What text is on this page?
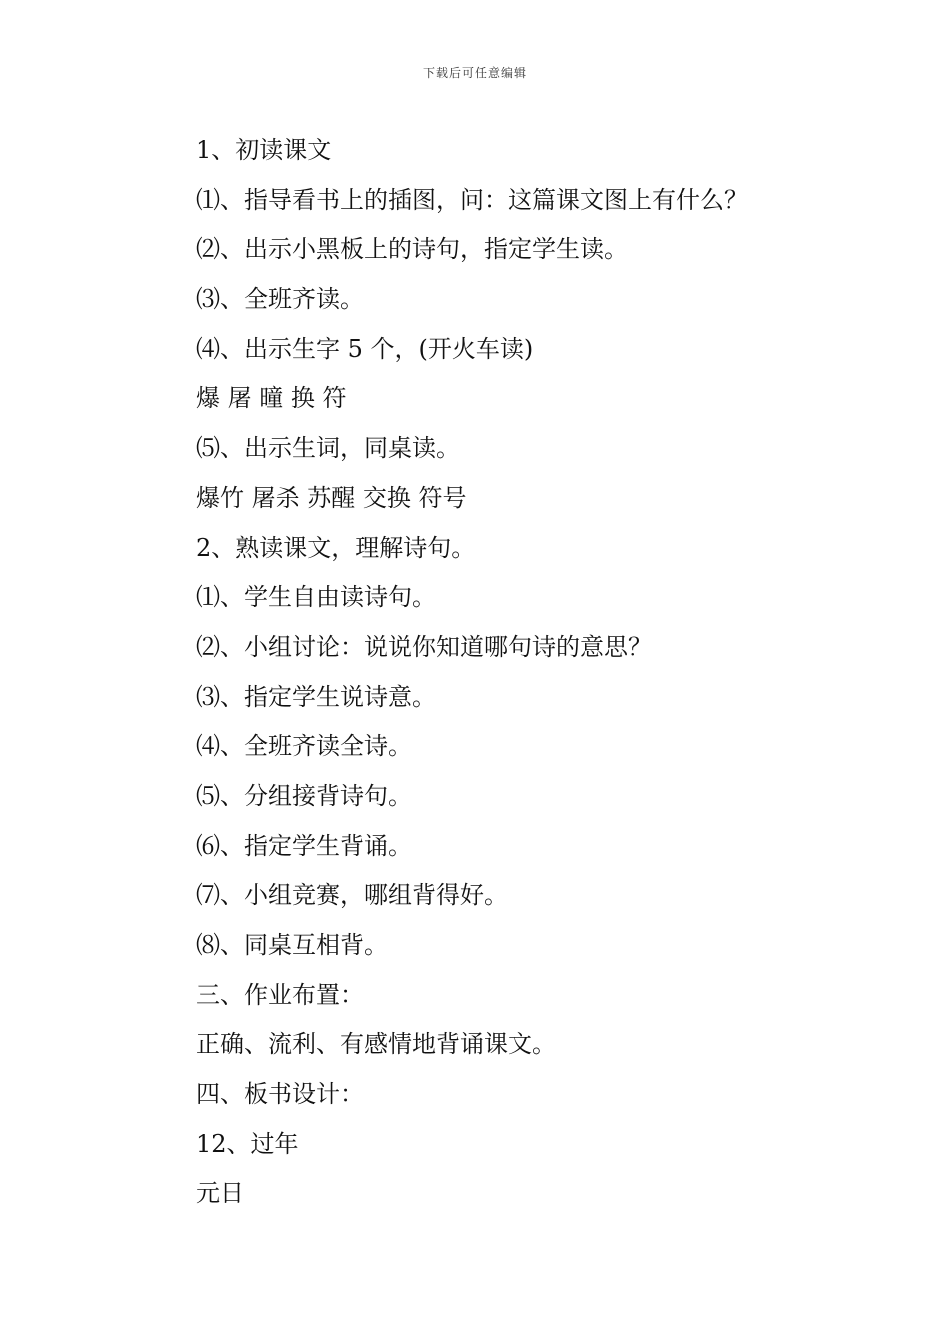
下载后可任意编辑
1、初读课文
⑴、指导看书上的插图，问：这篇课文图上有什么？
⑵、出示小黑板上的诗句，指定学生读。
⑶、全班齐读。
⑷、出示生字 5 个，(开火车读)
爆 屠 曈 换 符
⑸、出示生词，同桌读。
爆竹 屠杀 苏醒 交换 符号
2、熟读课文，理解诗句。
⑴、学生自由读诗句。
⑵、小组讨论：说说你知道哪句诗的意思？
⑶、指定学生说诗意。
⑷、全班齐读全诗。
⑸、分组接背诗句。
⑹、指定学生背诵。
⑺、小组竞赛，哪组背得好。
⑻、同桌互相背。
三、作业布置：
正确、流利、有感情地背诵课文。
四、板书设计：
12、过年
元日
